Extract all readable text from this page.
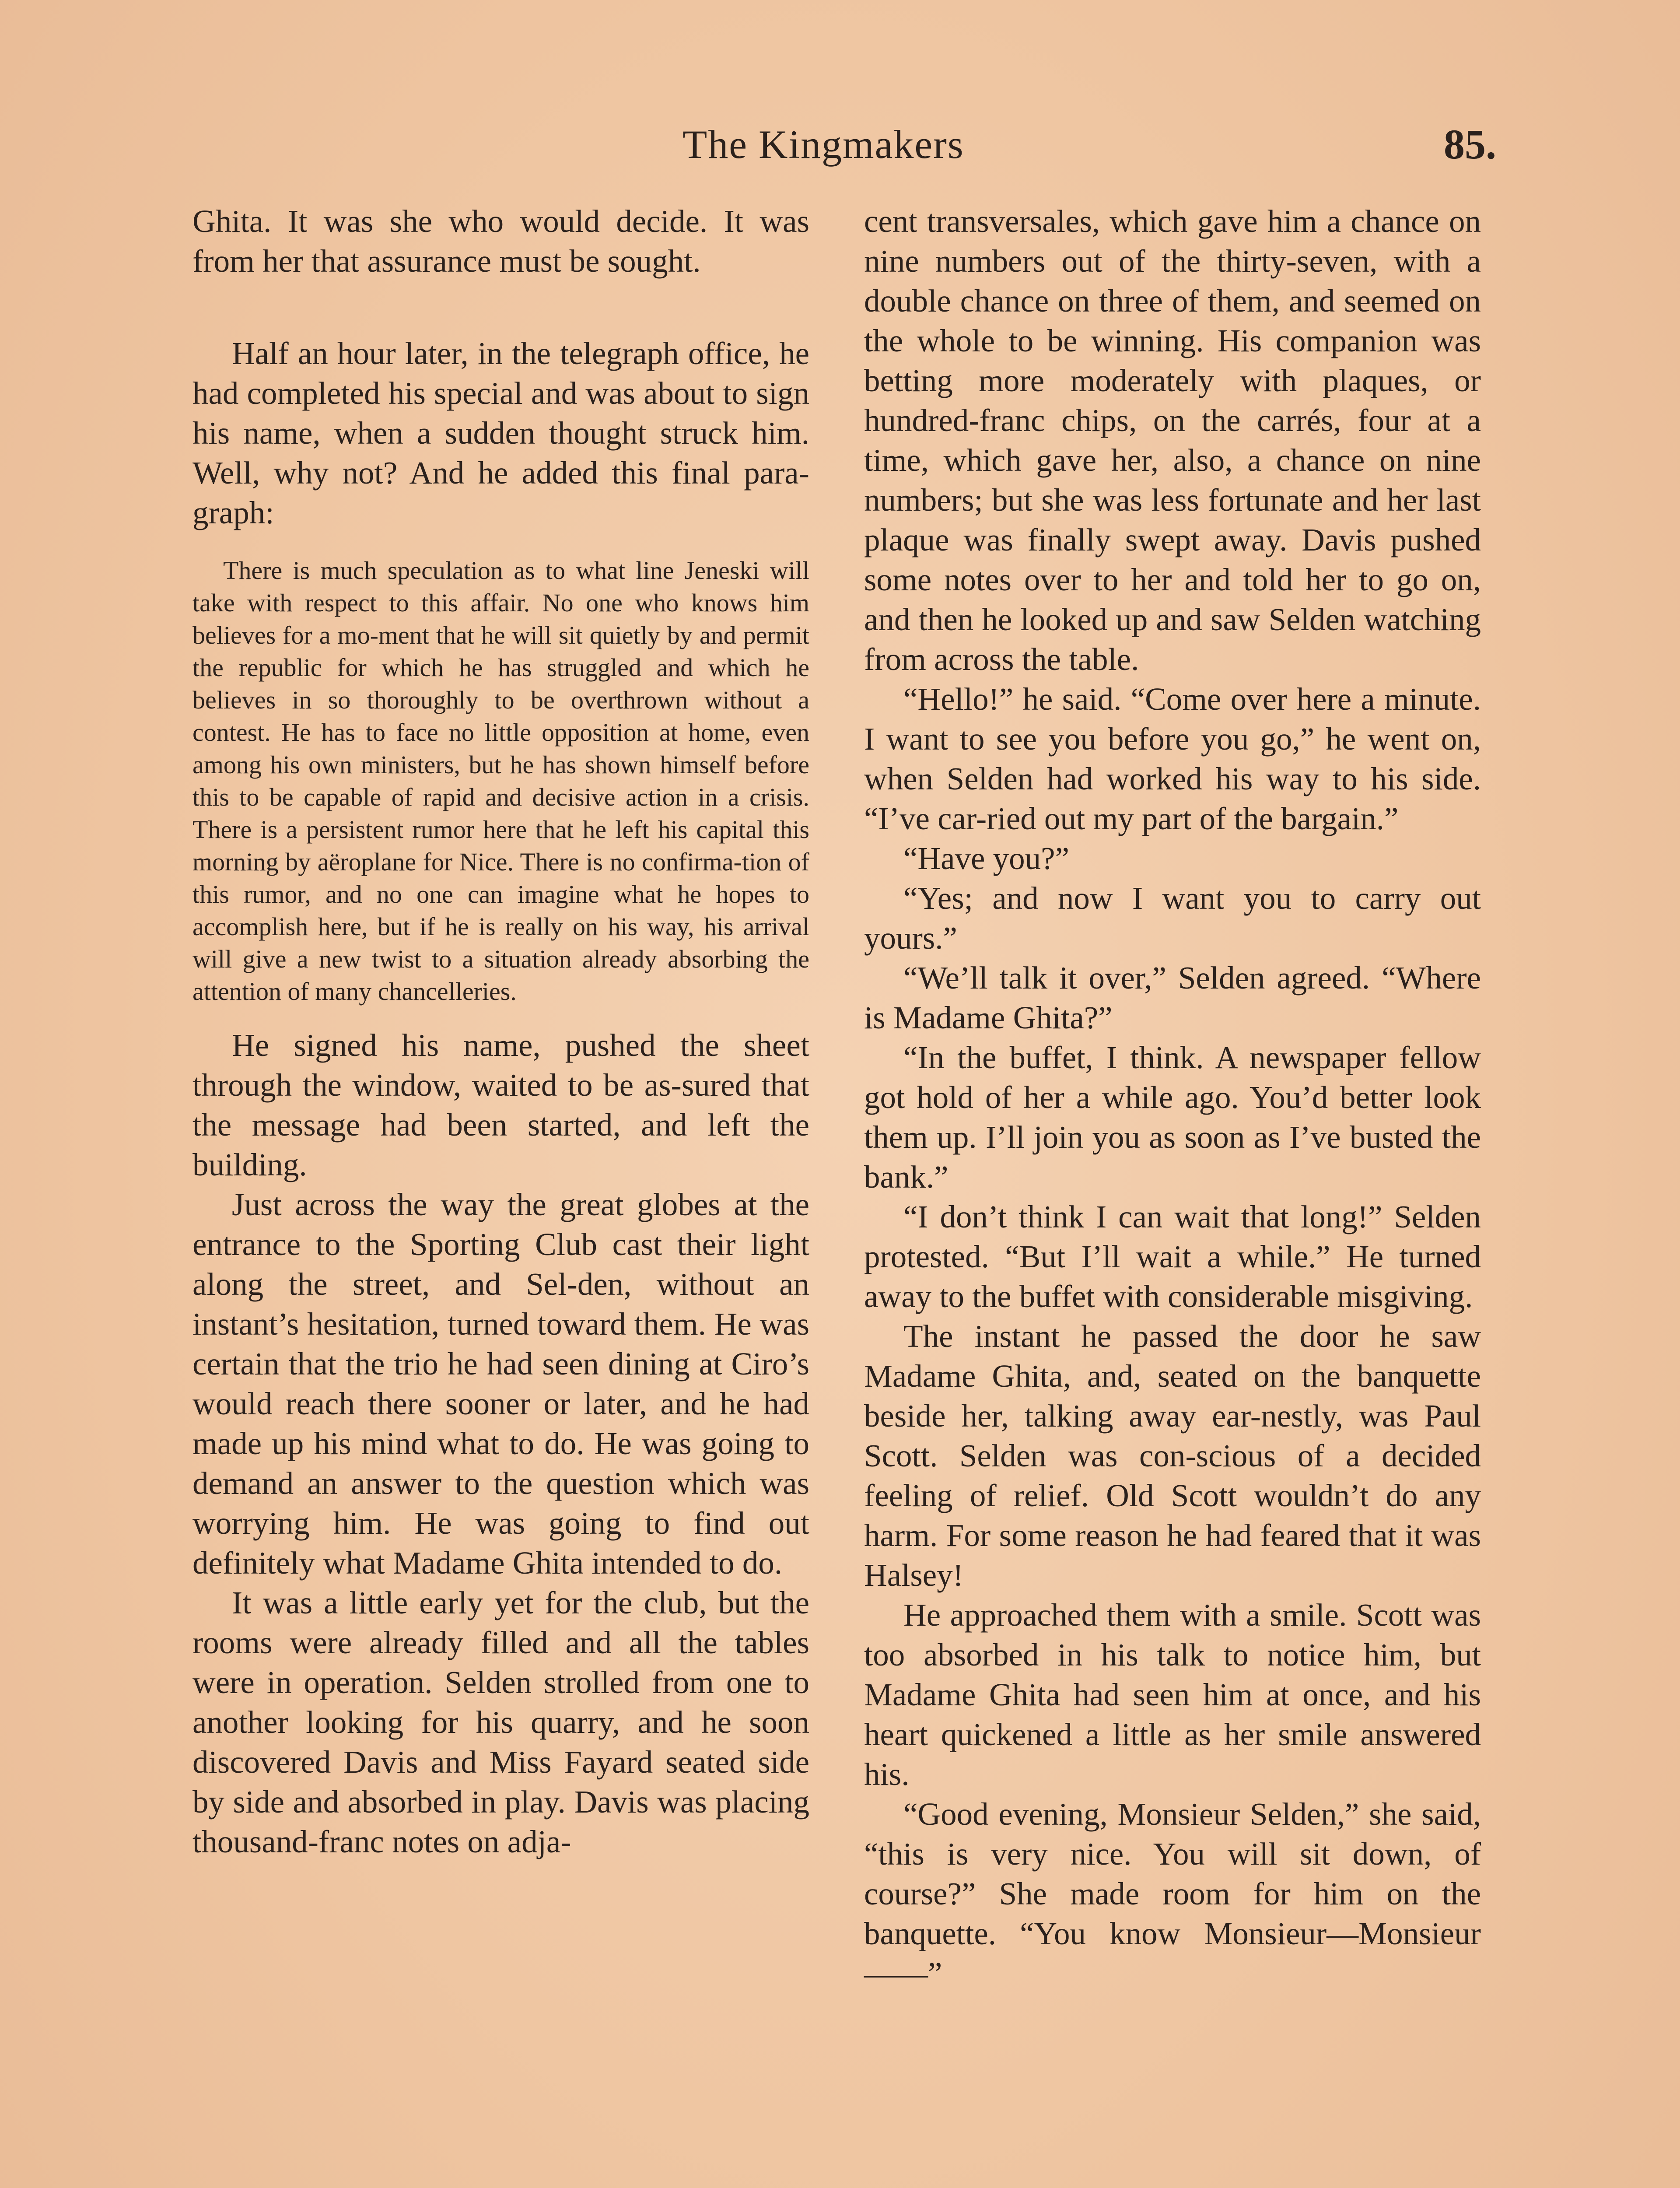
The Kingmakers	85.

Ghita. It was she who would decide. It was from her that assurance must be sought.

Half an hour later, in the telegraph office, he had completed his special and was about to sign his name, when a sudden thought struck him. Well, why not? And he added this final para-graph:

There is much speculation as to what line Jeneski will take with respect to this affair. No one who knows him believes for a mo-ment that he will sit quietly by and permit the republic for which he has struggled and which he believes in so thoroughly to be overthrown without a contest. He has to face no little opposition at home, even among his own ministers, but he has shown himself before this to be capable of rapid and decisive action in a crisis. There is a persistent rumor here that he left his capital this morning by aëroplane for Nice. There is no confirma-tion of this rumor, and no one can imagine what he hopes to accomplish here, but if he is really on his way, his arrival will give a new twist to a situation already absorbing the attention of many chancelleries.

He signed his name, pushed the sheet through the window, waited to be as-sured that the message had been started, and left the building.

Just across the way the great globes at the entrance to the Sporting Club cast their light along the street, and Sel-den, without an instant’s hesitation, turned toward them. He was certain that the trio he had seen dining at Ciro’s would reach there sooner or later, and he had made up his mind what to do. He was going to demand an answer to the question which was worrying him. He was going to find out definitely what Madame Ghita intended to do.

It was a little early yet for the club, but the rooms were already filled and all the tables were in operation. Selden strolled from one to another looking for his quarry, and he soon discovered Davis and Miss Fayard seated side by side and absorbed in play. Davis was placing thousand-franc notes on adja-

cent transversales, which gave him a chance on nine numbers out of the thirty-seven, with a double chance on three of them, and seemed on the whole to be winning. His companion was betting more moderately with plaques, or hundred-franc chips, on the carrés, four at a time, which gave her, also, a chance on nine numbers; but she was less fortunate and her last plaque was finally swept away. Davis pushed some notes over to her and told her to go on, and then he looked up and saw Selden watching from across the table.

“Hello!” he said. “Come over here a minute. I want to see you before you go,” he went on, when Selden had worked his way to his side. “I’ve car-ried out my part of the bargain.”

“Have you?”

“Yes; and now I want you to carry out yours.”

“We’ll talk it over,” Selden agreed. “Where is Madame Ghita?”

“In the buffet, I think. A newspaper fellow got hold of her a while ago. You’d better look them up. I’ll join you as soon as I’ve busted the bank.”

“I don’t think I can wait that long!” Selden protested. “But I’ll wait a while.” He turned away to the buffet with considerable misgiving.

The instant he passed the door he saw Madame Ghita, and, seated on the banquette beside her, talking away ear-nestly, was Paul Scott. Selden was con-scious of a decided feeling of relief. Old Scott wouldn’t do any harm. For some reason he had feared that it was Halsey!

He approached them with a smile. Scott was too absorbed in his talk to notice him, but Madame Ghita had seen him at once, and his heart quickened a little as her smile answered his.

“Good evening, Monsieur Selden,” she said, “this is very nice. You will sit down, of course?” She made room for him on the banquette. “You know Monsieur—Monsieur——”
